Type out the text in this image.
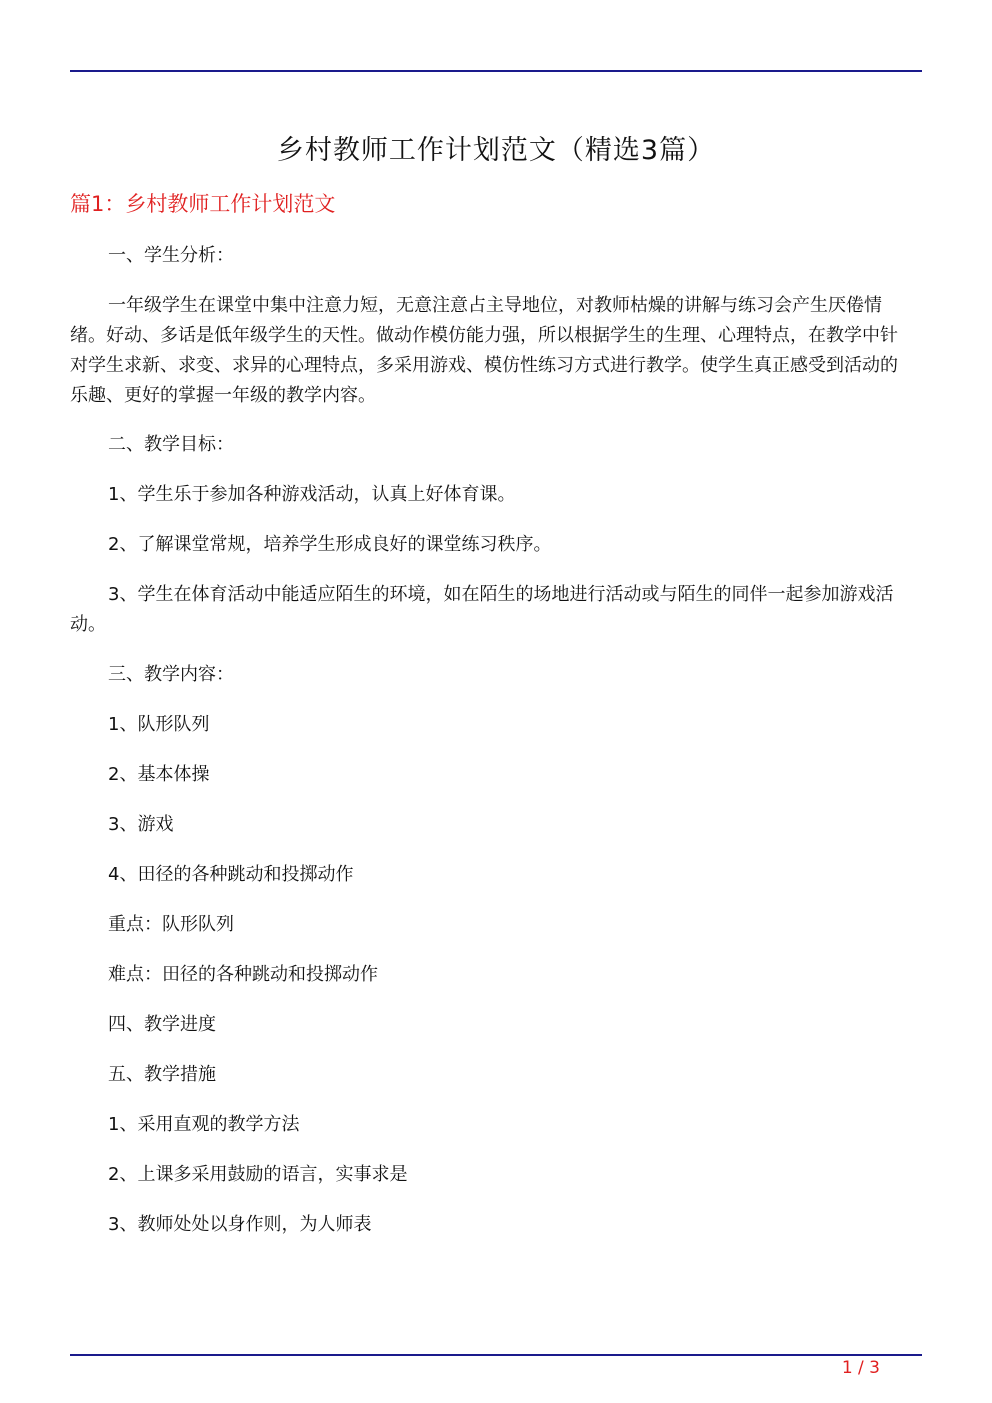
乡村教师工作计划范文（精选3篇）
篇1：乡村教师工作计划范文
一、学生分析：
一年级学生在课堂中集中注意力短，无意注意占主导地位，对教师枯燥的讲解与练习会产生厌倦情绪。好动、多话是低年级学生的天性。做动作模仿能力强，所以根据学生的生理、心理特点，在教学中针对学生求新、求变、求异的心理特点，多采用游戏、模仿性练习方式进行教学。使学生真正感受到活动的乐趣、更好的掌握一年级的教学内容。
二、教学目标：
1、学生乐于参加各种游戏活动，认真上好体育课。
2、了解课堂常规，培养学生形成良好的课堂练习秩序。
3、学生在体育活动中能适应陌生的环境，如在陌生的场地进行活动或与陌生的同伴一起参加游戏活动。
三、教学内容：
1、队形队列
2、基本体操
3、游戏
4、田径的各种跳动和投掷动作
重点：队形队列
难点：田径的各种跳动和投掷动作
四、教学进度
五、教学措施
1、采用直观的教学方法
2、上课多采用鼓励的语言，实事求是
3、教师处处以身作则，为人师表
1 / 3
